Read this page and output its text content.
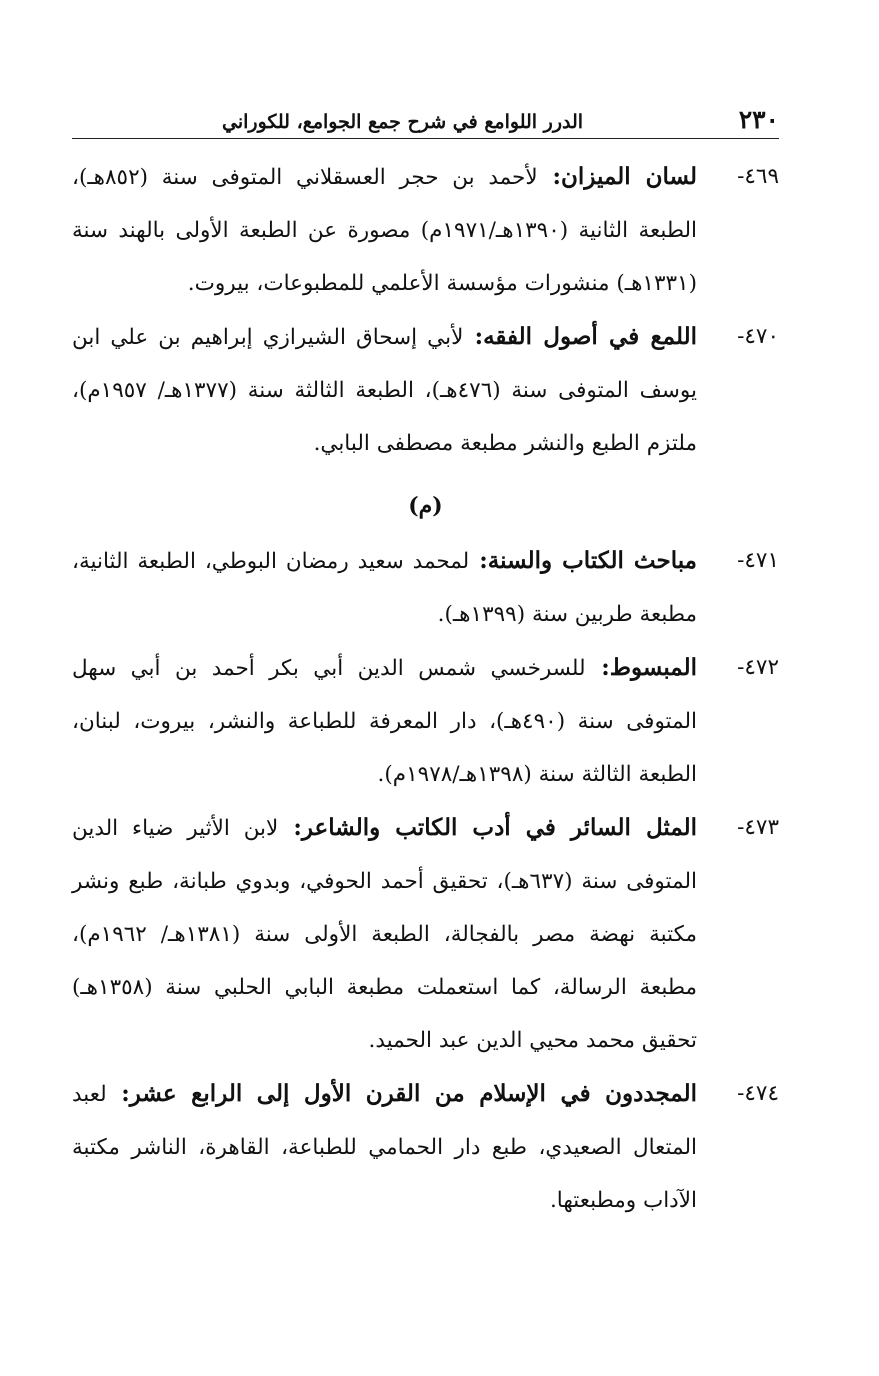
٢٣٠
الدرر اللوامع في شرح جمع الجوامع، للكوراني
٤٦٩-
لسان الميزان: لأحمد بن حجر العسقلاني المتوفى سنة (٨٥٢هـ)، الطبعة الثانية (١٣٩٠هـ/١٩٧١م) مصورة عن الطبعة الأولى بالهند سنة (١٣٣١هـ) منشورات مؤسسة الأعلمي للمطبوعات، بيروت.
٤٧٠-
اللمع في أصول الفقه: لأبي إسحاق الشيرازي إبراهيم بن علي ابن يوسف المتوفى سنة (٤٧٦هـ)، الطبعة الثالثة سنة (١٣٧٧هـ/ ١٩٥٧م)، ملتزم الطبع والنشر مطبعة مصطفى البابي.
(م)
٤٧١-
مباحث الكتاب والسنة: لمحمد سعيد رمضان البوطي، الطبعة الثانية، مطبعة طربين سنة (١٣٩٩هـ).
٤٧٢-
المبسوط: للسرخسي شمس الدين أبي بكر أحمد بن أبي سهل المتوفى سنة (٤٩٠هـ)، دار المعرفة للطباعة والنشر، بيروت، لبنان، الطبعة الثالثة سنة (١٣٩٨هـ/١٩٧٨م).
٤٧٣-
المثل السائر في أدب الكاتب والشاعر: لابن الأثير ضياء الدين المتوفى سنة (٦٣٧هـ)، تحقيق أحمد الحوفي، وبدوي طبانة، طبع ونشر مكتبة نهضة مصر بالفجالة، الطبعة الأولى سنة (١٣٨١هـ/ ١٩٦٢م)، مطبعة الرسالة، كما استعملت مطبعة البابي الحلبي سنة (١٣٥٨هـ) تحقيق محمد محيي الدين عبد الحميد.
٤٧٤-
المجددون في الإسلام من القرن الأول إلى الرابع عشر: لعبد المتعال الصعيدي، طبع دار الحمامي للطباعة، القاهرة، الناشر مكتبة الآداب ومطبعتها.
